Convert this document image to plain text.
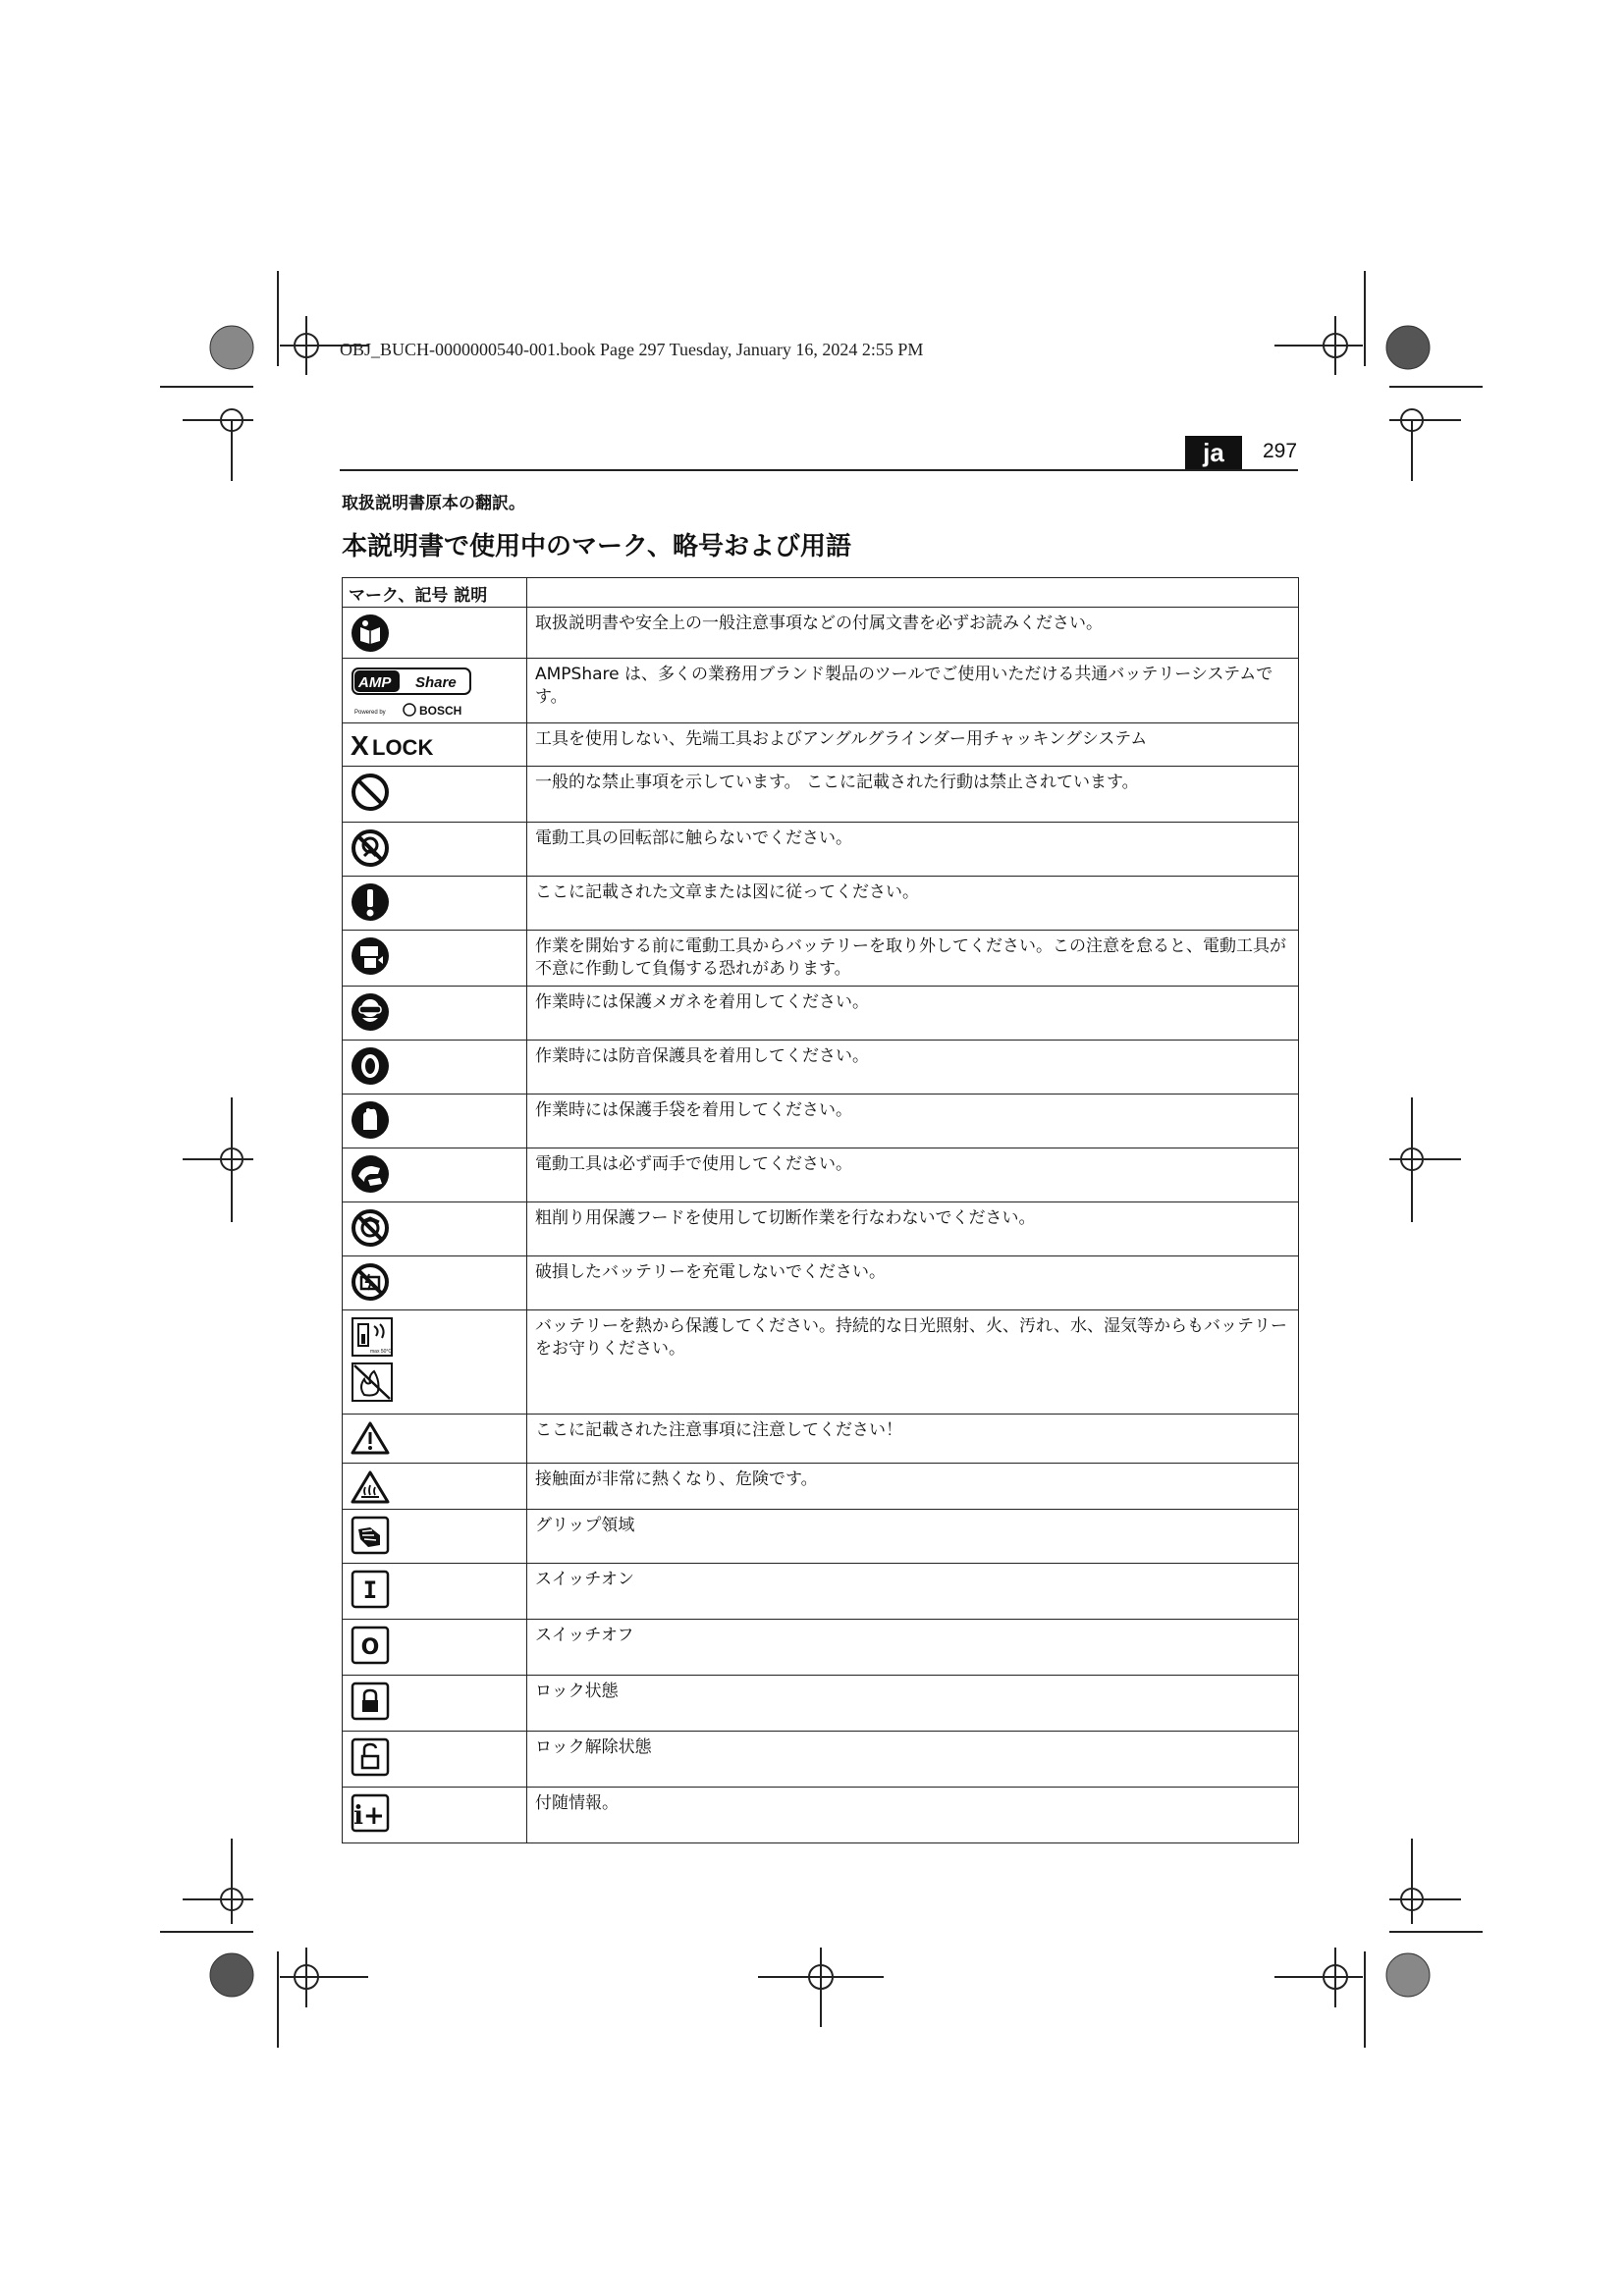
OBJ_BUCH-0000000540-001.book Page 297 Tuesday, January 16, 2024 2:55 PM
ja	297
取扱説明書原本の翻訳。
本説明書で使用中のマーク、略号および用語
マーク、記号 説明	

	取扱説明書や安全上の一般注意事項などの付属文書を必ずお読みください。

AMP Share
Powered by BOSCH	AMPShare は、多くの業務用ブランド製品のツールでご使用いただける共通バッテリーシステムです。

X LOCK	工具を使用しない、先端工具およびアングルグラインダー用チャッキングシステム

	一般的な禁止事項を示しています。 ここに記載された行動は禁止されています。

	電動工具の回転部に触らないでください。

	ここに記載された文章または図に従ってください。

	作業を開始する前に電動工具からバッテリーを取り外してください。この注意を怠ると、電動工具が不意に作動して負傷する恐れがあります。

	作業時には保護メガネを着用してください。

	作業時には防音保護具を着用してください。

	作業時には保護手袋を着用してください。

	電動工具は必ず両手で使用してください。

	粗削り用保護フードを使用して切断作業を行なわないでください。

	破損したバッテリーを充電しないでください。

max 50°C	バッテリーを熱から保護してください。持続的な日光照射、火、汚れ、水、湿気等からもバッテリーをお守りください。

	ここに記載された注意事項に注意してください！

	接触面が非常に熱くなり、危険です。

	グリップ領域

I	スイッチオン

O	スイッチオフ

	ロック状態

	ロック解除状態

i+	付随情報。
